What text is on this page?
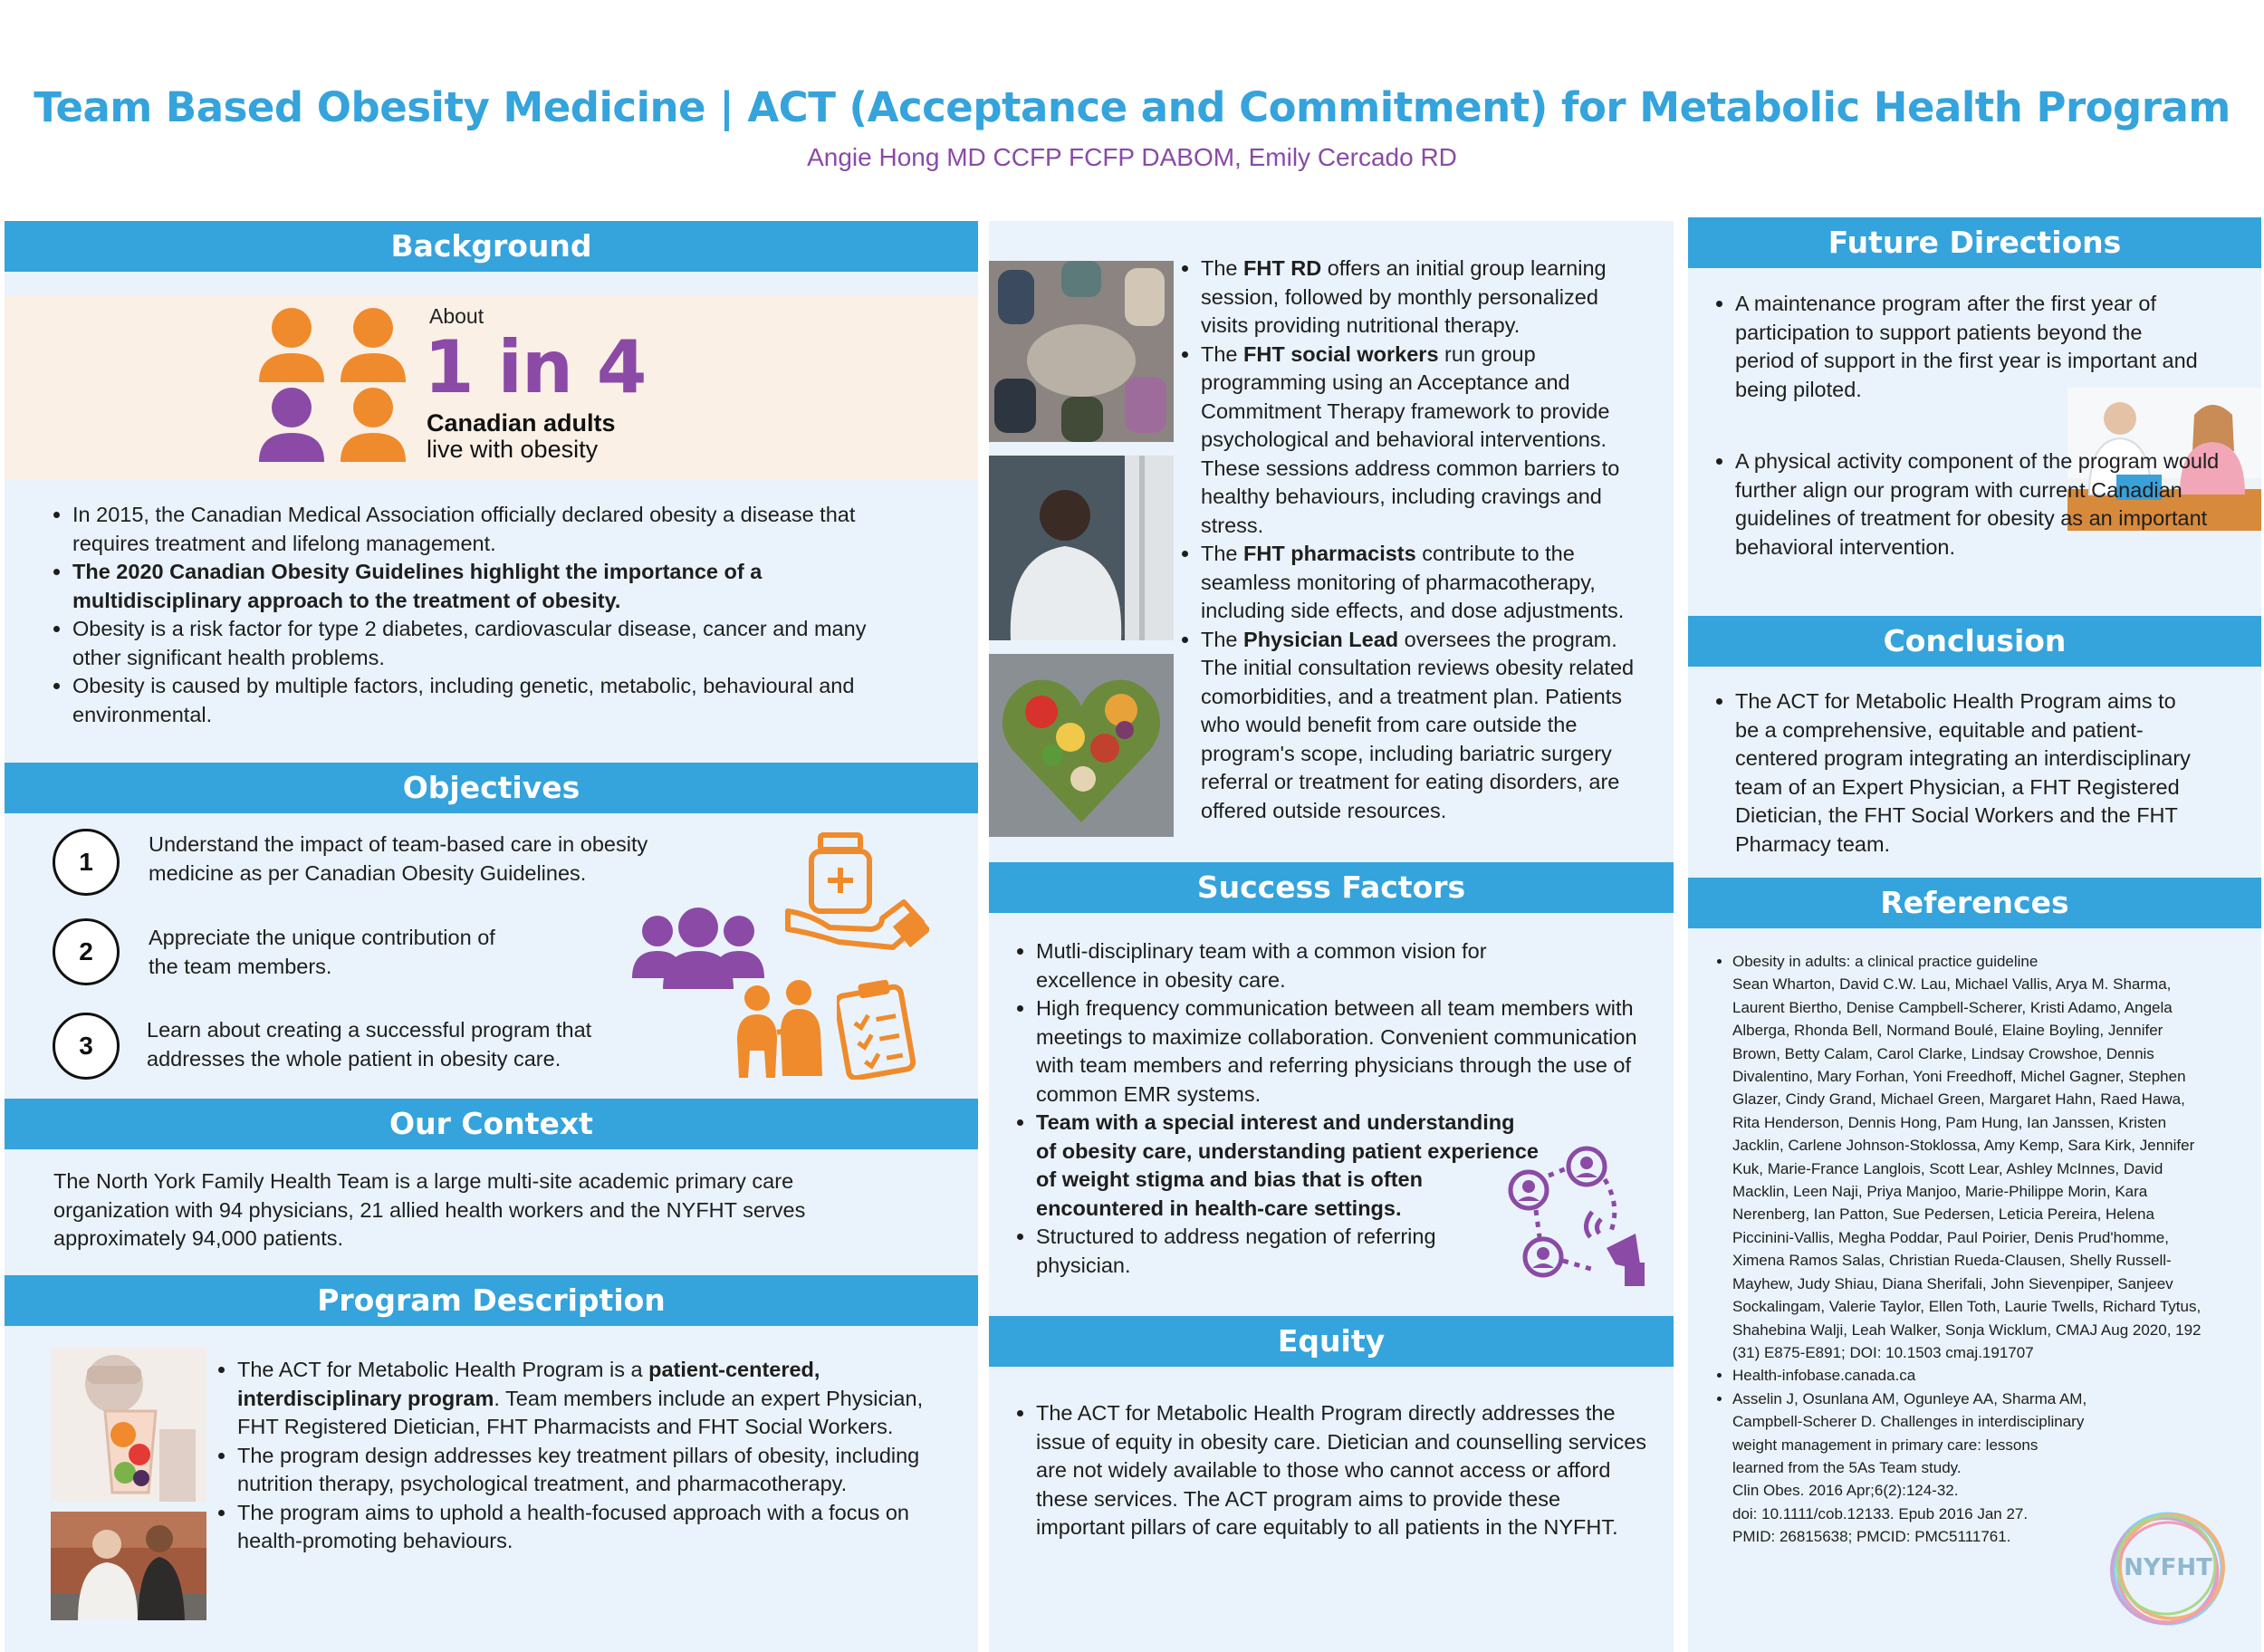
Team Based Obesity Medicine | ACT (Acceptance and Commitment) for Metabolic Health Program
Angie Hong MD CCFP FCFP DABOM, Emily Cercado RD
Background
About
1 in 4
Canadian adults
live with obesity
• In 2015, the Canadian Medical Association officially declared obesity a disease that requires treatment and lifelong management.
• The 2020 Canadian Obesity Guidelines highlight the importance of a multidisciplinary approach to the treatment of obesity.
• Obesity is a risk factor for type 2 diabetes, cardiovascular disease, cancer and many other significant health problems.
• Obesity is caused by multiple factors, including genetic, metabolic, behavioural and environmental.
Objectives
1
Understand the impact of team-based care in obesity medicine as per Canadian Obesity Guidelines.
2	Appreciate the unique contribution of the team members.
3
Learn about creating a successful program that addresses the whole patient in obesity care.
Our Context
The North York Family Health Team is a large multi-site academic primary care organization with 94 physicians, 21 allied health workers and the NYFHT serves approximately 94,000 patients.
Program Description
• The ACT for Metabolic Health Program is a patient-centered, interdisciplinary program. Team members include an expert Physician, FHT Registered Dietician, FHT Pharmacists and FHT Social Workers.
• The program design addresses key treatment pillars of obesity, including nutrition therapy, psychological treatment, and pharmacotherapy.
• The program aims to uphold a health-focused approach with a focus on health-promoting behaviours.
• The FHT RD offers an initial group learning session, followed by monthly personalized visits providing nutritional therapy.
• The FHT social workers run group programming using an Acceptance and Commitment Therapy framework to provide psychological and behavioral interventions. These sessions address common barriers to healthy behaviours, including cravings and stress.
• The FHT pharmacists contribute to the seamless monitoring of pharmacotherapy, including side effects, and dose adjustments.
• The Physician Lead oversees the program. The initial consultation reviews obesity related comorbidities, and a treatment plan. Patients who would benefit from care outside the program's scope, including bariatric surgery referral or treatment for eating disorders, are offered outside resources.
Success Factors
• Mutli-disciplinary team with a common vision for excellence in obesity care.
• High frequency communication between all team members with meetings to maximize collaboration. Convenient communication with team members and referring physicians through the use of common EMR systems.
• Team with a special interest and understanding of obesity care, understanding patient experience of weight stigma and bias that is often encountered in health-care settings.
• Structured to address negation of referring physician.
Equity
• The ACT for Metabolic Health Program directly addresses the issue of equity in obesity care. Dietician and counselling services are not widely available to those who cannot access or afford these services. The ACT program aims to provide these important pillars of care equitably to all patients in the NYFHT.
Future Directions
• A maintenance program after the first year of participation to support patients beyond the period of support in the first year is important and being piloted.
• A physical activity component of the program would further align our program with current Canadian guidelines of treatment for obesity as an important behavioral intervention.
Conclusion
• The ACT for Metabolic Health Program aims to be a comprehensive, equitable and patient-centered program integrating an interdisciplinary team of an Expert Physician, a FHT Registered Dietician, the FHT Social Workers and the FHT Pharmacy team.
References
• Obesity in adults: a clinical practice guideline
Sean Wharton, David C.W. Lau, Michael Vallis, Arya M. Sharma, Laurent Biertho, Denise Campbell-Scherer, Kristi Adamo, Angela Alberga, Rhonda Bell, Normand Boulé, Elaine Boyling, Jennifer Brown, Betty Calam, Carol Clarke, Lindsay Crowshoe, Dennis Divalentino, Mary Forhan, Yoni Freedhoff, Michel Gagner, Stephen Glazer, Cindy Grand, Michael Green, Margaret Hahn, Raed Hawa, Rita Henderson, Dennis Hong, Pam Hung, Ian Janssen, Kristen Jacklin, Carlene Johnson-Stoklossa, Amy Kemp, Sara Kirk, Jennifer Kuk, Marie-France Langlois, Scott Lear, Ashley McInnes, David Macklin, Leen Naji, Priya Manjoo, Marie-Philippe Morin, Kara Nerenberg, Ian Patton, Sue Pedersen, Leticia Pereira, Helena Piccinini-Vallis, Megha Poddar, Paul Poirier, Denis Prud'homme, Ximena Ramos Salas, Christian Rueda-Clausen, Shelly Russell-Mayhew, Judy Shiau, Diana Sherifali, John Sievenpiper, Sanjeev Sockalingam, Valerie Taylor, Ellen Toth, Laurie Twells, Richard Tytus, Shahebina Walji, Leah Walker, Sonja Wicklum, CMAJ Aug 2020, 192 (31) E875-E891; DOI: 10.1503 cmaj.191707
• Health-infobase.canada.ca
• Asselin J, Osunlana AM, Ogunleye AA, Sharma AM,
Campbell-Scherer D. Challenges in interdisciplinary
weight management in primary care: lessons
learned from the 5As Team study.
Clin Obes. 2016 Apr;6(2):124-32.
doi: 10.1111/cob.12133. Epub 2016 Jan 27.
PMID: 26815638; PMCID: PMC5111761.
NYFHT
